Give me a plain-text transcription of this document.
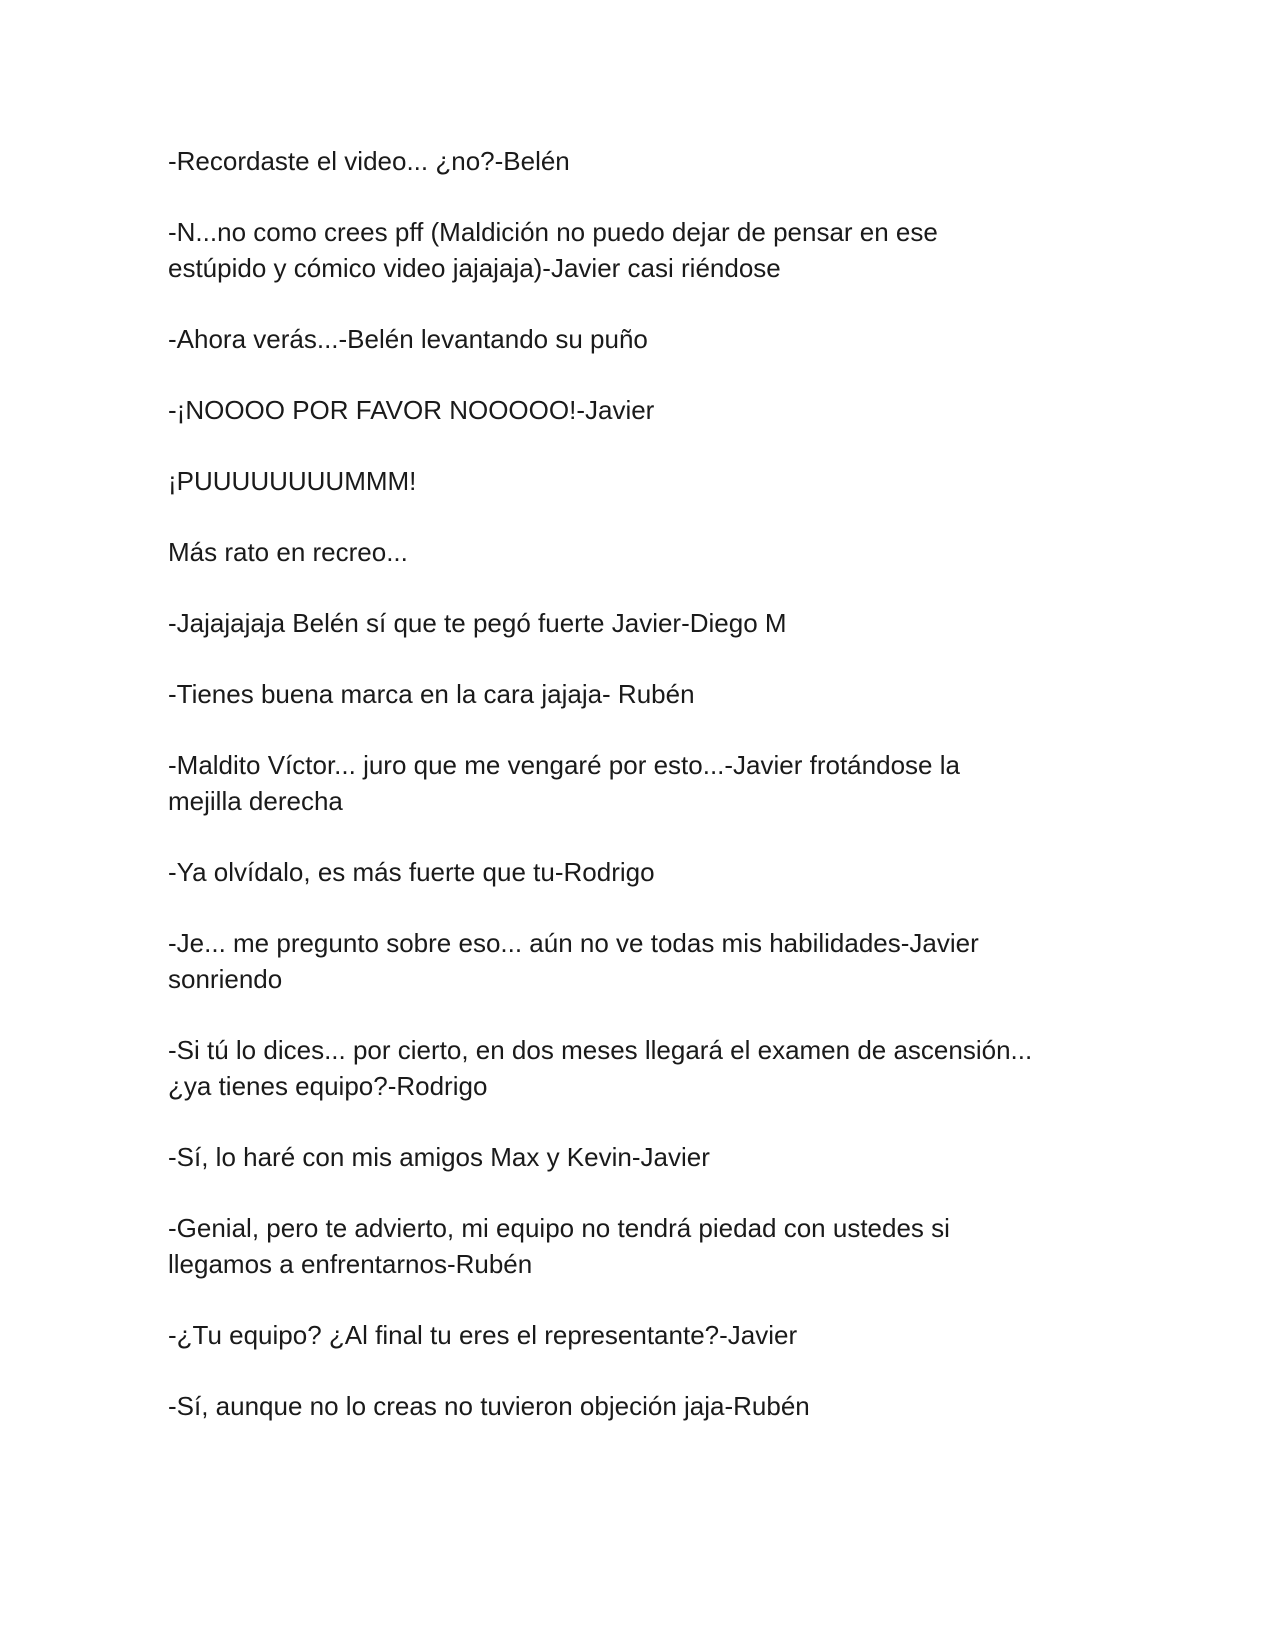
-Recordaste el video... ¿no?-Belén

-N...no como crees pff (Maldición no puedo dejar de pensar en ese estúpido y cómico video jajajaja)-Javier casi riéndose

-Ahora verás...-Belén levantando su puño

-¡NOOOO POR FAVOR NOOOOO!-Javier

¡PUUUUUUUUMMM!

Más rato en recreo...

-Jajajajaja Belén sí que te pegó fuerte Javier-Diego M

-Tienes buena marca en la cara jajaja- Rubén

-Maldito Víctor... juro que me vengaré por esto...-Javier frotándose la mejilla derecha

-Ya olvídalo, es más fuerte que tu-Rodrigo

-Je... me pregunto sobre eso... aún no ve todas mis habilidades-Javier sonriendo

-Si tú lo dices... por cierto, en dos meses llegará el examen de ascensión... ¿ya tienes equipo?-Rodrigo

-Sí, lo haré con mis amigos Max y Kevin-Javier

-Genial, pero te advierto, mi equipo no tendrá piedad con ustedes si llegamos a enfrentarnos-Rubén

-¿Tu equipo? ¿Al final tu eres el representante?-Javier

-Sí, aunque no lo creas no tuvieron objeción jaja-Rubén
